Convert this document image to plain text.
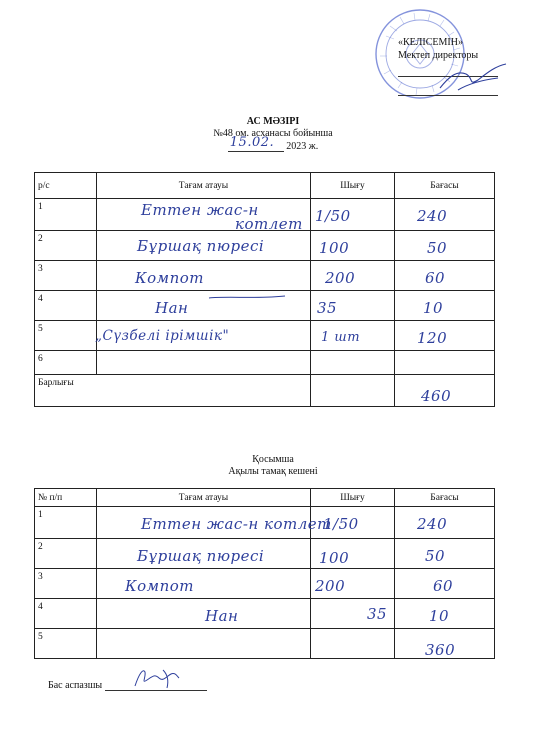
«КЕЛІСЕМІН»
Мектеп директоры
АС МӘЗІРІ
№48 ом. асханасы бойынша
15.02. 2023 ж.
р/с	Тағам атауы	Шығу	Бағасы

1	Еттен жас-н
котлет	1/50	240

2	Бұршақ пюресі	100	50

3	Компот	200	60

4	Нан	35	10

5	„Сүзбелі ірімшік"	1 шт	120

6			

Барлығы			460
Қосымша
Ақылы тамақ кешені
№ п/п	Тағам атауы	Шығу	Бағасы

1	Еттен жас-н котлет	1/50	240

2	Бұршақ пюресі	100	50

3	Компот	200	60

4	Нан	35	10

5			360
Бас аспазшы
